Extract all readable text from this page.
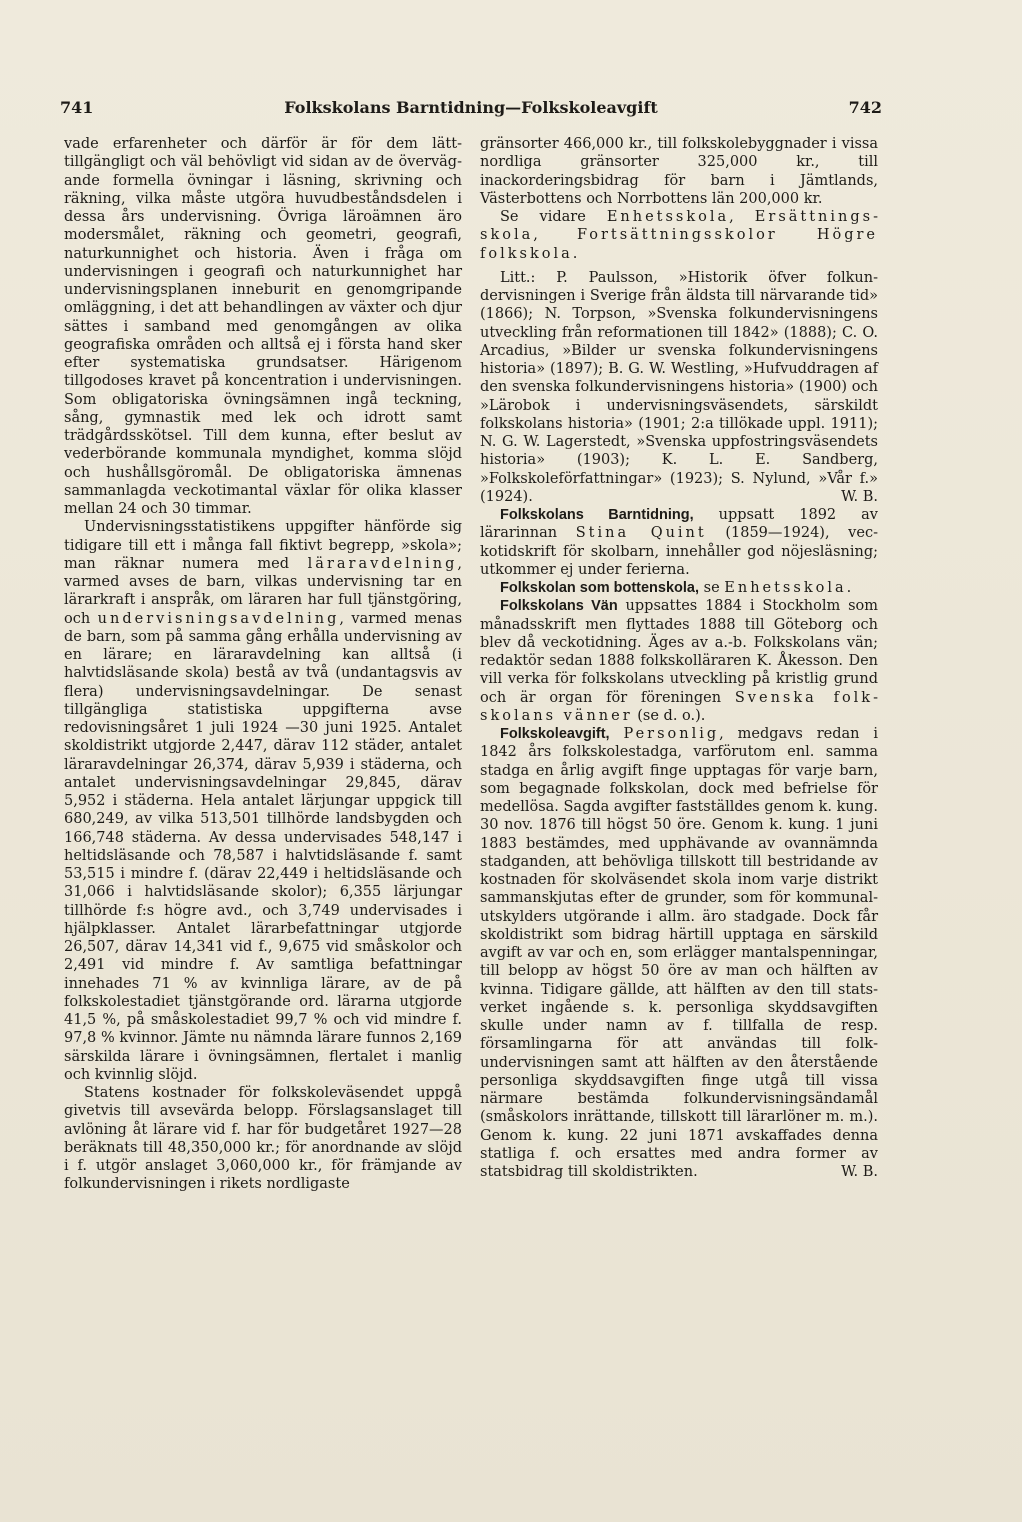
741	Folkskolans Barntidning—Folkskoleavgift	742

vade erfarenheter och därför är för dem lätt-tillgängligt och väl behövligt vid sidan av de övervägande formella övningar i läsning, skrivning och räkning, vilka måste utgöra huvudbeståndsdelen i dessa års undervisning. Övriga läroämnen äro modersmålet, räkning och geometri, geografi, naturkunnighet och historia. Även i fråga om undervisningen i geografi och naturkunnighet har undervisningsplanen inneburit en genomgripande omläggning, i det att behandlingen av växter och djur sättes i samband med genomgången av olika geografiska områden och alltså ej i första hand sker efter systematiska grundsatser. Härigenom tillgodoses kravet på koncentration i undervisningen. Som obligatoriska övningsämnen ingå teckning, sång, gymnastik med lek och idrott samt trädgårdsskötsel. Till dem kunna, efter beslut av vederbörande kommunala myndighet, komma slöjd och hushållsgöromål. De obligatoriska ämnenas sammanlagda veckotimantal växlar för olika klasser mellan 24 och 30 timmar.

Undervisningsstatistikens uppgifter hänförde sig tidigare till ett i många fall fiktivt begrepp, »skola»; man räknar numera med läraravdelning, varmed avses de barn, vilkas undervisning tar en lärarkraft i anspråk, om läraren har full tjänstgöring, och undervisningsavdelning, varmed menas de barn, som på samma gång erhålla undervisning av en lärare; en läraravdelning kan alltså (i halvtidsläsande skola) bestå av två (undantagsvis av flera) undervisningsavdelningar. De senast tillgängliga statistiska uppgifterna avse redovisningsåret 1 juli 1924 —30 juni 1925. Antalet skoldistrikt utgjorde 2,447, därav 112 städer, antalet läraravdelningar 26,374, därav 5,939 i städerna, och antalet undervisningsavdelningar 29,845, därav 5,952 i städerna. Hela antalet lärjungar uppgick till 680,249, av vilka 513,501 tillhörde landsbygden och 166,748 städerna. Av dessa undervisades 548,147 i heltidsläsande och 78,587 i halvtidsläsande f. samt 53,515 i mindre f. (därav 22,449 i heltidsläsande och 31,066 i halvtidsläsande skolor); 6,355 lärjungar tillhörde f:s högre avd., och 3,749 undervisades i hjälpklasser. Antalet lärarbefattningar utgjorde 26,507, därav 14,341 vid f., 9,675 vid småskolor och 2,491 vid mindre f. Av samtliga befattningar innehades 71 % av kvinnliga lärare, av de på folkskolestadiet tjänstgörande ord. lärarna utgjorde 41,5 %, på småskolestadiet 99,7 % och vid mindre f. 97,8 % kvinnor. Jämte nu nämnda lärare funnos 2,169 särskilda lärare i övningsämnen, flertalet i manlig och kvinnlig slöjd.

Statens kostnader för folkskoleväsendet uppgå givetvis till avsevärda belopp. Förslagsanslaget till avlöning åt lärare vid f. har för budgetåret 1927—28 beräknats till 48,350,000 kr.; för anordnande av slöjd i f. utgör anslaget 3,060,000 kr., för främjande av folkundervisningen i rikets nordligaste

gränsorter 466,000 kr., till folkskolebyggnader i vissa nordliga gränsorter 325,000 kr., till inackorderingsbidrag för barn i Jämtlands, Västerbottens och Norrbottens län 200,000 kr.

Se vidare Enhetsskola, Ersättningsskola, Fortsättningsskolor	Högre folkskola.

Litt.: P. Paulsson, »Historik öfver folkundervisningen i Sverige från äldsta till närvarande tid» (1866); N. Torpson, »Svenska folkundervisningens utveckling från reformationen till 1842» (1888); C. O. Arcadius, »Bilder ur svenska folkundervisningens historia» (1897); B. G. W. Westling, »Hufvuddragen af den svenska folkundervisningens historia» (1900) och »Lärobok i undervisningsväsendets, särskildt folkskolans historia» (1901; 2:a tillökade uppl. 1911); N. G. W. Lagerstedt, »Svenska uppfostringsväsendets historia» (1903); K. L. E. Sandberg, »Folkskoleförfattningar» (1923); S. Nylund, »Vår f.» (1924).	W. B.

Folkskolans Barntidning, uppsatt 1892 av lärarinnan Stina Quint (1859—1924), veckotidskrift för skolbarn, innehåller god nöjesläsning; utkommer ej under ferierna.

Folkskolan som bottenskola, se Enhetsskola.

Folkskolans Vän uppsattes 1884 i Stockholm som månadsskrift men flyttades 1888 till Göteborg och blev då veckotidning. Äges av a.-b. Folkskolans vän; redaktör sedan 1888 folkskolläraren K. Åkesson. Den vill verka för folkskolans utveckling på kristlig grund och är organ för föreningen Svenska folkskolans vänner (se d. o.).

Folkskoleavgift, Personlig, medgavs redan i 1842 års folkskolestadga, varförutom enl. samma stadga en årlig avgift finge upptagas för varje barn, som begagnade folkskolan, dock med befrielse för medellösa. Sagda avgifter fastställdes genom k. kung. 30 nov. 1876 till högst 50 öre. Genom k. kung. 1 juni 1883 bestämdes, med upphävande av ovannämnda stadganden, att behövliga tillskott till bestridande av kostnaden för skolväsendet skola inom varje distrikt sammanskjutas efter de grunder, som för kommunalutskylders utgörande i allm. äro stadgade. Dock får skoldistrikt som bidrag härtill upptaga en särskild avgift av var och en, som erlägger mantalspenningar, till belopp av högst 50 öre av man och hälften av kvinna. Tidigare gällde, att hälften av den till statsverket ingående s. k. personliga skyddsavgiften skulle under namn av f. tillfalla de resp. församlingarna för att användas till folkundervisningen samt att hälften av den återstående personliga skyddsavgiften finge utgå till vissa närmare bestämda folkundervisningsändamål (småskolors inrättande, tillskott till lärarlöner m. m.). Genom k. kung. 22 juni 1871 avskaffades denna statliga f. och ersattes med andra former av statsbidrag till skoldistrikten.	W. B.
